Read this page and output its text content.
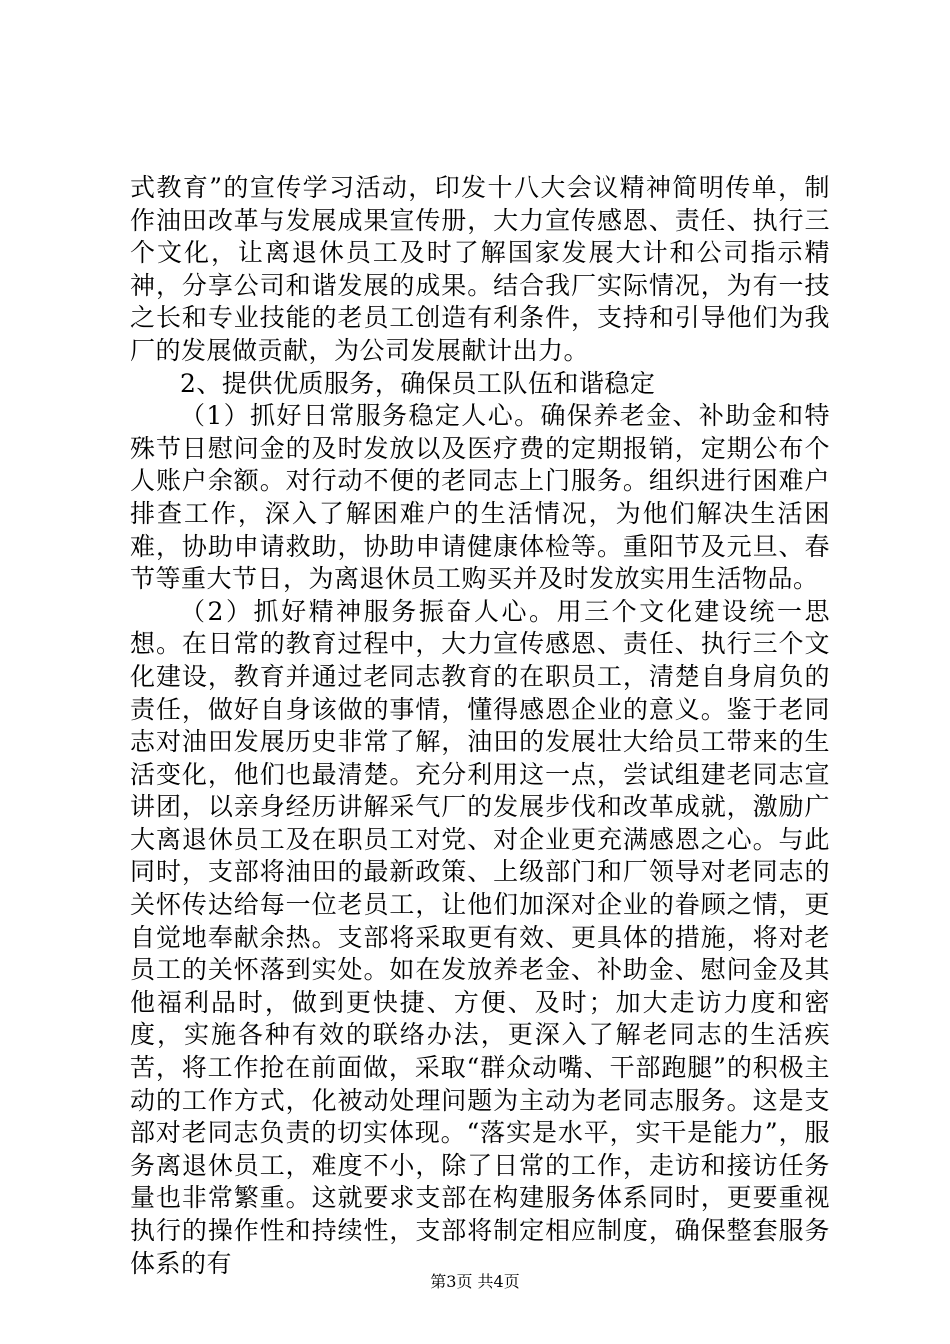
式教育”的宣传学习活动，印发十八大会议精神简明传单，制作油田改革与发展成果宣传册，大力宣传感恩、责任、执行三个文化，让离退休员工及时了解国家发展大计和公司指示精神，分享公司和谐发展的成果。结合我厂实际情况，为有一技之长和专业技能的老员工创造有利条件，支持和引导他们为我厂的发展做贡献，为公司发展献计出力。

2、提供优质服务，确保员工队伍和谐稳定

（1）抓好日常服务稳定人心。确保养老金、补助金和特殊节日慰问金的及时发放以及医疗费的定期报销，定期公布个人账户余额。对行动不便的老同志上门服务。组织进行困难户排查工作，深入了解困难户的生活情况，为他们解决生活困难，协助申请救助，协助申请健康体检等。重阳节及元旦、春节等重大节日，为离退休员工购买并及时发放实用生活物品。

（2）抓好精神服务振奋人心。用三个文化建设统一思想。在日常的教育过程中，大力宣传感恩、责任、执行三个文化建设，教育并通过老同志教育的在职员工，清楚自身肩负的责任，做好自身该做的事情，懂得感恩企业的意义。鉴于老同志对油田发展历史非常了解，油田的发展壮大给员工带来的生活变化，他们也最清楚。充分利用这一点，尝试组建老同志宣讲团，以亲身经历讲解采气厂的发展步伐和改革成就，激励广大离退休员工及在职员工对党、对企业更充满感恩之心。与此同时，支部将油田的最新政策、上级部门和厂领导对老同志的关怀传达给每一位老员工，让他们加深对企业的眷顾之情，更自觉地奉献余热。支部将采取更有效、更具体的措施，将对老员工的关怀落到实处。如在发放养老金、补助金、慰问金及其他福利品时，做到更快捷、方便、及时；加大走访力度和密度，实施各种有效的联络办法，更深入了解老同志的生活疾苦，将工作抢在前面做，采取“群众动嘴、干部跑腿”的积极主动的工作方式，化被动处理问题为主动为老同志服务。这是支部对老同志负责的切实体现。“落实是水平，实干是能力”，服务离退休员工，难度不小，除了日常的工作，走访和接访任务量也非常繁重。这就要求支部在构建服务体系同时，更要重视执行的操作性和持续性，支部将制定相应制度，确保整套服务体系的有

第3页 共4页
